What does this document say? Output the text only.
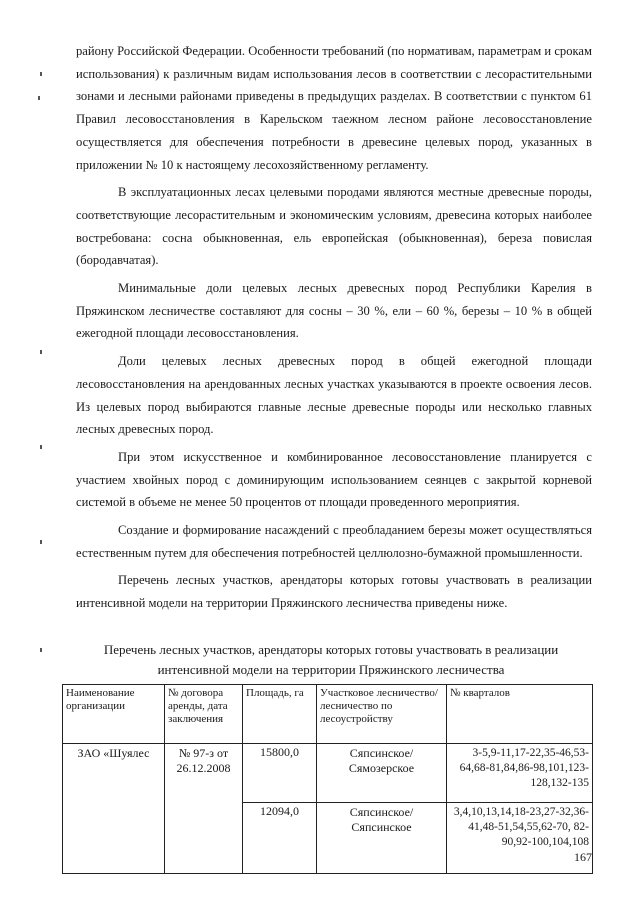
району Российской Федерации. Особенности требований (по нормативам, параметрам и срокам использования) к различным видам использования лесов в соответствии с лесорастительными зонами и лесными районами приведены в предыдущих разделах. В соответствии с пунктом 61 Правил лесовосстановления в Карельском таежном лесном районе лесовосстановление осуществляется для обеспечения потребности в древесине целевых пород, указанных в приложении № 10 к настоящему лесохозяйственному регламенту.

В эксплуатационных лесах целевыми породами являются местные древесные породы, соответствующие лесорастительным и экономическим условиям, древесина которых наиболее востребована: сосна обыкновенная, ель европейская (обыкновенная), береза повислая (бородавчатая).

Минимальные доли целевых лесных древесных пород Республики Карелия в Пряжинском лесничестве составляют для сосны – 30 %, ели – 60 %, березы – 10 % в общей ежегодной площади лесовосстановления.

Доли целевых лесных древесных пород в общей ежегодной площади лесовосстановления на арендованных лесных участках указываются в проекте освоения лесов. Из целевых пород выбираются главные лесные древесные породы или несколько главных лесных древесных пород.

При этом искусственное и комбинированное лесовосстановление планируется с участием хвойных пород с доминирующим использованием сеянцев с закрытой корневой системой в объеме не менее 50 процентов от площади проведенного мероприятия.

Создание и формирование насаждений с преобладанием березы может осуществляться естественным путем для обеспечения потребностей целлюлозно-бумажной промышленности.

Перечень лесных участков, арендаторы которых готовы участвовать в реализации интенсивной модели на территории Пряжинского лесничества приведены ниже.

Перечень лесных участков, арендаторы которых готовы участвовать в реализации
интенсивной модели на территории Пряжинского лесничества
Наименование организации	№ договора аренды, дата заключения	Площадь, га	Участковое лесничество/ лесничество по лесоустройству	№ кварталов
ЗАО «Шуялес	№ 97-з от 26.12.2008	15800,0	Сяпсинское/ Сямозерское	3-5,9-11,17-22,35-46,53-64,68-81,84,86-98,101,123-128,132-135
		12094,0	Сяпсинское/ Сяпсинское	3,4,10,13,14,18-23,27-32,36-41,48-51,54,55,62-70, 82-90,92-100,104,108
167
